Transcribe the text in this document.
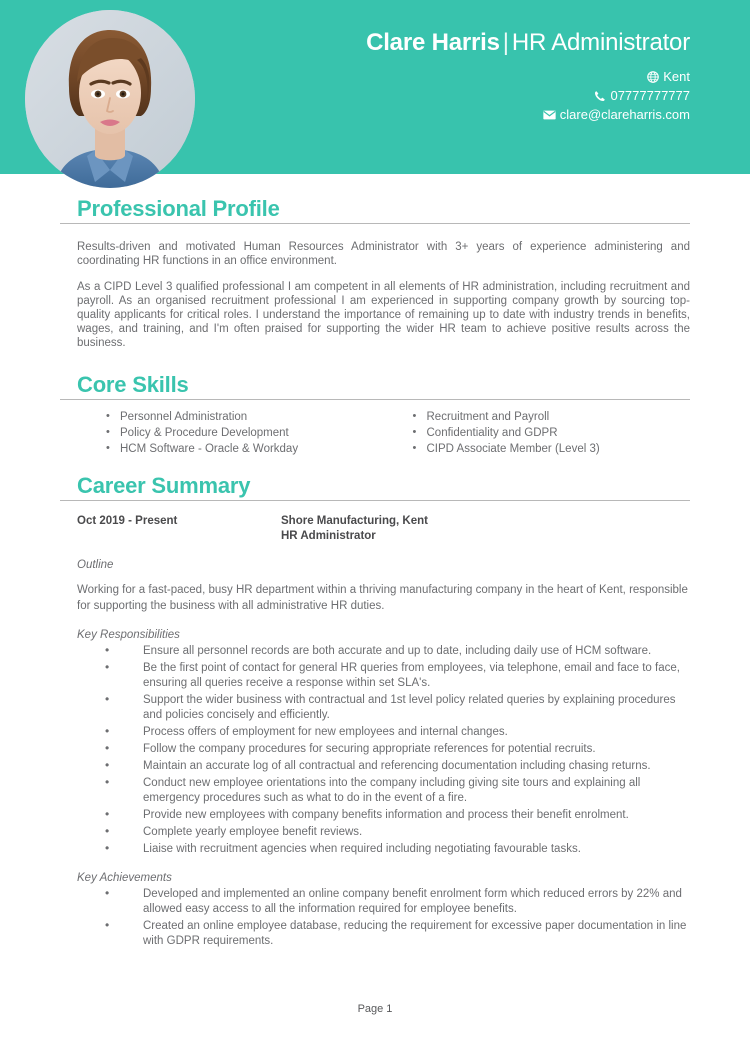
Clare Harris | HR Administrator
Kent
07777777777
clare@clareharris.com
Professional Profile

Results-driven and motivated Human Resources Administrator with 3+ years of experience administering and coordinating HR functions in an office environment.

As a CIPD Level 3 qualified professional I am competent in all elements of HR administration, including recruitment and payroll. As an organised recruitment professional I am experienced in supporting company growth by sourcing top-quality applicants for critical roles. I understand the importance of remaining up to date with industry trends in benefits, wages, and training, and I'm often praised for supporting the wider HR team to achieve positive results across the business.

Core Skills
• Personnel Administration
• Policy & Procedure Development
• HCM Software - Oracle & Workday
• Recruitment and Payroll
• Confidentiality and GDPR
• CIPD Associate Member (Level 3)
Career Summary
Oct 2019 - Present	Shore Manufacturing, Kent
HR Administrator
Outline
Working for a fast-paced, busy HR department within a thriving manufacturing company in the heart of Kent, responsible for supporting the business with all administrative HR duties.
Key Responsibilities
• Ensure all personnel records are both accurate and up to date, including daily use of HCM software.
• Be the first point of contact for general HR queries from employees, via telephone, email and face to face, ensuring all queries receive a response within set SLA's.
• Support the wider business with contractual and 1st level policy related queries by explaining procedures and policies concisely and efficiently.
• Process offers of employment for new employees and internal changes.
• Follow the company procedures for securing appropriate references for potential recruits.
• Maintain an accurate log of all contractual and referencing documentation including chasing returns.
• Conduct new employee orientations into the company including giving site tours and explaining all emergency procedures such as what to do in the event of a fire.
• Provide new employees with company benefits information and process their benefit enrolment.
• Complete yearly employee benefit reviews.
• Liaise with recruitment agencies when required including negotiating favourable tasks.
Key Achievements
• Developed and implemented an online company benefit enrolment form which reduced errors by 22% and allowed easy access to all the information required for employee benefits.
• Created an online employee database, reducing the requirement for excessive paper documentation in line with GDPR requirements.
Page 1
